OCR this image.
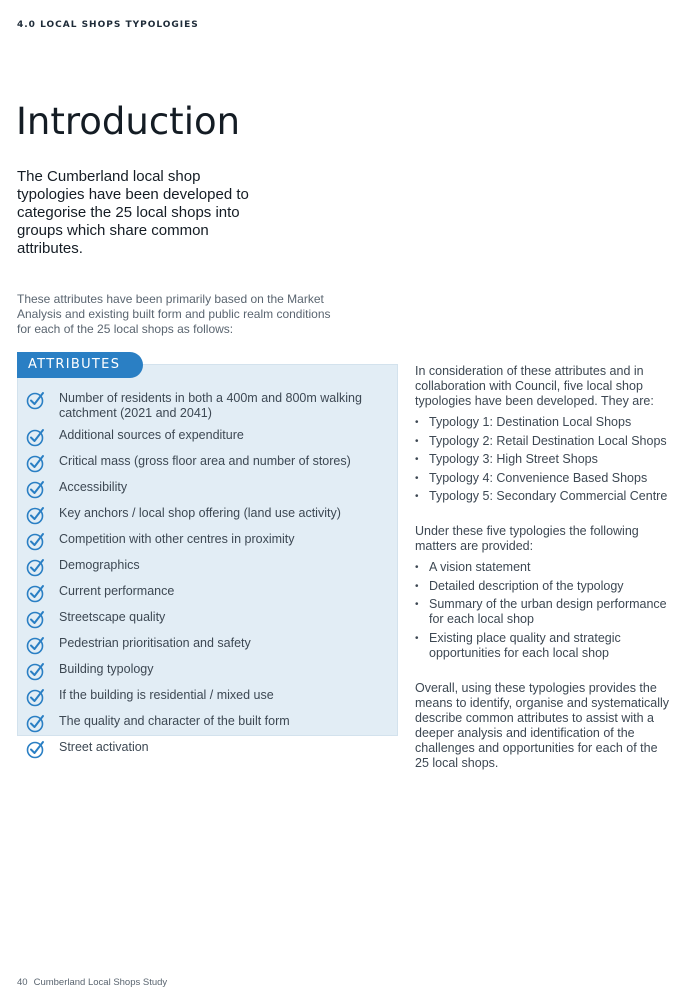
4.0 LOCAL SHOPS TYPOLOGIES
Introduction

The Cumberland local shop typologies have been developed to categorise the 25 local shops into groups which share common attributes.

These attributes have been primarily based on the Market Analysis and existing built form and public realm conditions for each of the 25 local shops as follows:

ATTRIBUTES
Number of residents in both a 400m and 800m walking catchment (2021 and 2041)
Additional sources of expenditure
Critical mass (gross floor area and number of stores)
Accessibility
Key anchors / local shop offering (land use activity)
Competition with other centres in proximity
Demographics
Current performance
Streetscape quality
Pedestrian prioritisation and safety
Building typology
If the building is residential / mixed use
The quality and character of the built form
Street activation

In consideration of these attributes and in collaboration with Council, five local shop typologies have been developed. They are:

• Typology 1: Destination Local Shops
• Typology 2: Retail Destination Local Shops
• Typology 3: High Street Shops
• Typology 4: Convenience Based Shops
• Typology 5: Secondary Commercial Centre

Under these five typologies the following matters are provided:

• A vision statement
• Detailed description of the typology
• Summary of the urban design performance for each local shop
• Existing place quality and strategic opportunities for each local shop

Overall, using these typologies provides the means to identify, organise and systematically describe common attributes to assist with a deeper analysis and identification of the challenges and opportunities for each of the 25 local shops.

40 Cumberland Local Shops Study
